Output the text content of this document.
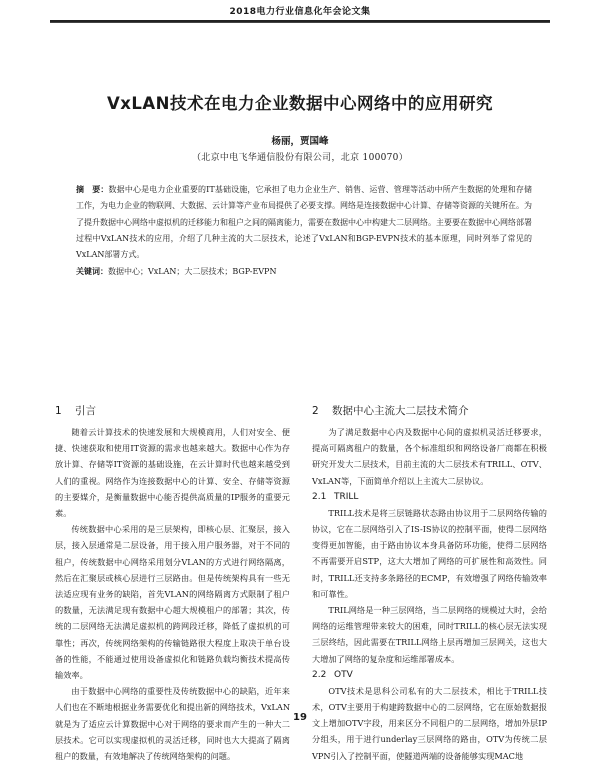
2018电力行业信息化年会论文集
VxLAN技术在电力企业数据中心网络中的应用研究
杨丽，贾国峰
（北京中电飞华通信股份有限公司，北京 100070）

摘　要：数据中心是电力企业重要的IT基础设施，它承担了电力企业生产、销售、运营、管理等活动中所产生数据的处理和存储工作，为电力企业的物联网、大数据、云计算等产业布局提供了必要支撑。网络是连接数据中心计算、存储等资源的关键所在。为了提升数据中心网络中虚拟机的迁移能力和租户之间的隔离能力，需要在数据中心中构建大二层网络。主要要在数据中心网络部署过程中VxLAN技术的应用，介绍了几种主流的大二层技术，论述了VxLAN和BGP-EVPN技术的基本原理，同时列举了常见的VxLAN部署方式。

关键词：数据中心；VxLAN；大二层技术；BGP-EVPN

1 引言

随着云计算技术的快速发展和大规模商用，人们对安全、便捷、快速获取和使用IT资源的需求也越来越大。数据中心作为存放计算、存储等IT资源的基础设施，在云计算时代也越来越受到人们的重视。网络作为连接数据中心的计算、安全、存储等资源的主要媒介，是衡量数据中心能否提供高质量的IP服务的重要元素。

传统数据中心采用的是三层架构，即核心层、汇聚层，接入层，接入层通常是二层设备，用于接入用户服务器，对于不同的租户，传统数据中心网络采用划分VLAN的方式进行网络隔离，然后在汇聚层或核心层进行三层路由。但是传统架构具有一些无法适应现有业务的缺陷，首先VLAN的网络隔离方式限制了租户的数量，无法满足现有数据中心超大规模租户的部署；其次，传统的二层网络无法满足虚拟机的跨网段迁移，降低了虚拟机的可靠性；再次，传统网络架构的传输链路很大程度上取决于单台设备的性能，不能通过使用设备虚拟化和链路负载均衡技术提高传输效率。

由于数据中心网络的重要性及传统数据中心的缺陷，近年来人们也在不断地根据业务需要优化和提出新的网络技术，VxLAN就是为了适应云计算数据中心对于网络的要求而产生的一种大二层技术。它可以实现虚拟机的灵活迁移，同时也大大提高了隔离租户的数量，有效地解决了传统网络架构的问题。

2 数据中心主流大二层技术简介

为了满足数据中心内及数据中心间的虚拟机灵活迁移要求，提高可隔离租户的数量，各个标准组织和网络设备厂商都在积极研究开发大二层技术，目前主流的大二层技术有TRILL、OTV、VxLAN等，下面简单介绍以上主流大二层协议。

2.1 TRILL

TRILL技术是将三层链路状态路由协议用于二层网络传输的协议，它在二层网络引入了IS-IS协议的控制平面，使得二层网络变得更加智能，由于路由协议本身具备防环功能，使得二层网络不再需要开启STP，这大大增加了网络的可扩展性和高效性。同时，TRILL还支持多条路径的ECMP，有效增强了网络传输效率和可靠性。

TRIL网络是一种三层网络，当二层网络的规模过大时，会给网络的运维管理带来较大的困难，同时TRILL的核心层无法实现三层终结，因此需要在TRILL网络上层再增加三层网关，这也大大增加了网络的复杂度和运维部署成本。

2.2 OTV

OTV技术是思科公司私有的大二层技术，相比于TRILL技术，OTV主要用于构建跨数据中心的二层网络，它在原始数据报文上增加OTV字段，用来区分不同租户的二层网络，增加外层IP分组头，用于进行underlay三层网络的路由，OTV为传统二层VPN引入了控制平面，使隧道两端的设备能够实现MAC地

19
